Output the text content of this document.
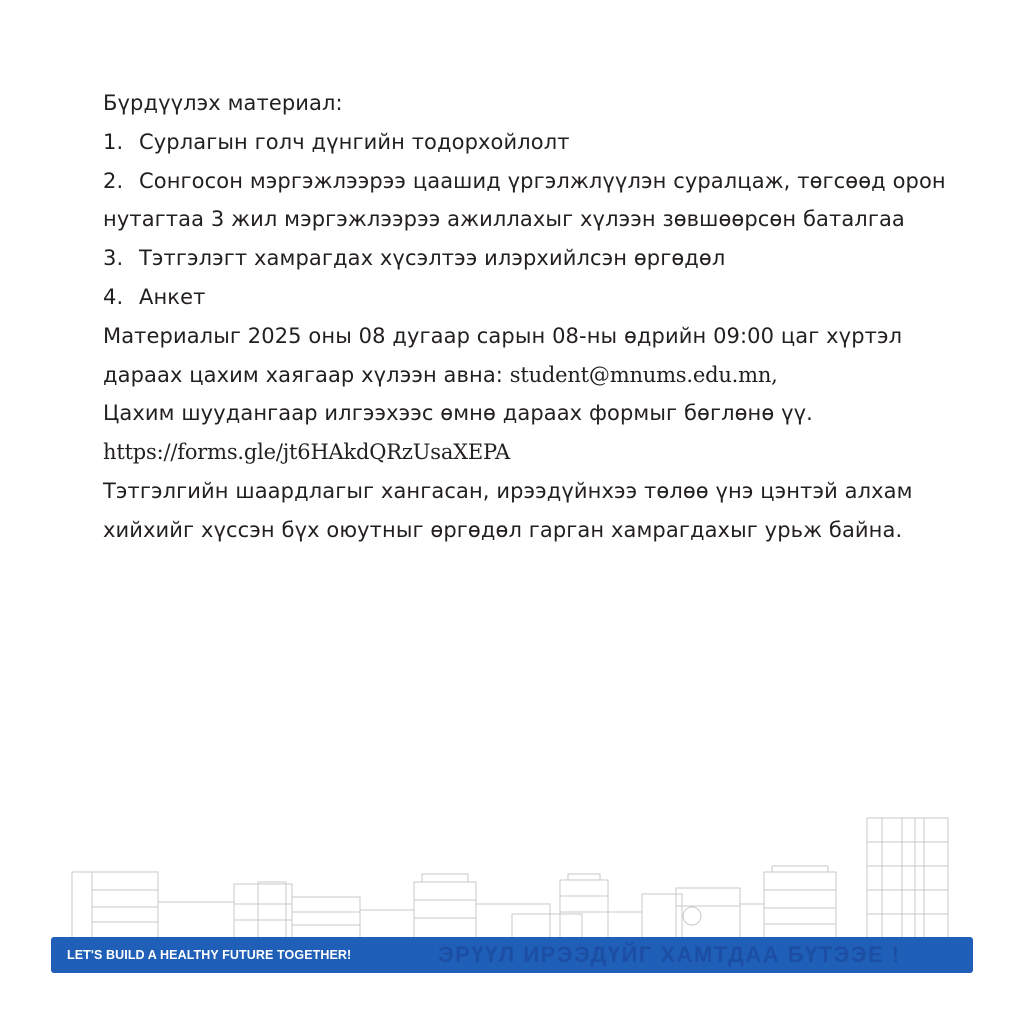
Бүрдүүлэх материал:

1. Сурлагын голч дүнгийн тодорхойлолт

2. Сонгосон мэргэжлээрээ цаашид үргэлжлүүлэн суралцаж, төгсөөд орон

нутагтаа 3 жил мэргэжлээрээ ажиллахыг хүлээн зөвшөөрсөн баталгаа

3. Тэтгэлэгт хамрагдах хүсэлтээ илэрхийлсэн өргөдөл

4. Анкет

Материалыг 2025 оны 08 дугаар сарын 08-ны өдрийн 09:00 цаг хүртэл

дараах цахим хаягаар хүлээн авна: student@mnums.edu.mn,

Цахим шуудангаар илгээхээс өмнө дараах формыг бөглөнө үү.

https://forms.gle/jt6HAkdQRzUsaXEPA

Тэтгэлгийн шаардлагыг хангасан, ирээдүйнхээ төлөө үнэ цэнтэй алхам

хийхийг хүссэн бүх оюутныг өргөдөл гарган хамрагдахыг урьж байна.

LET'S BUILD A HEALTHY FUTURE TOGETHER!	ЭРҮҮЛ ИРЭЭДҮЙГ ХАМТДАА БҮТЭЭЕ !
